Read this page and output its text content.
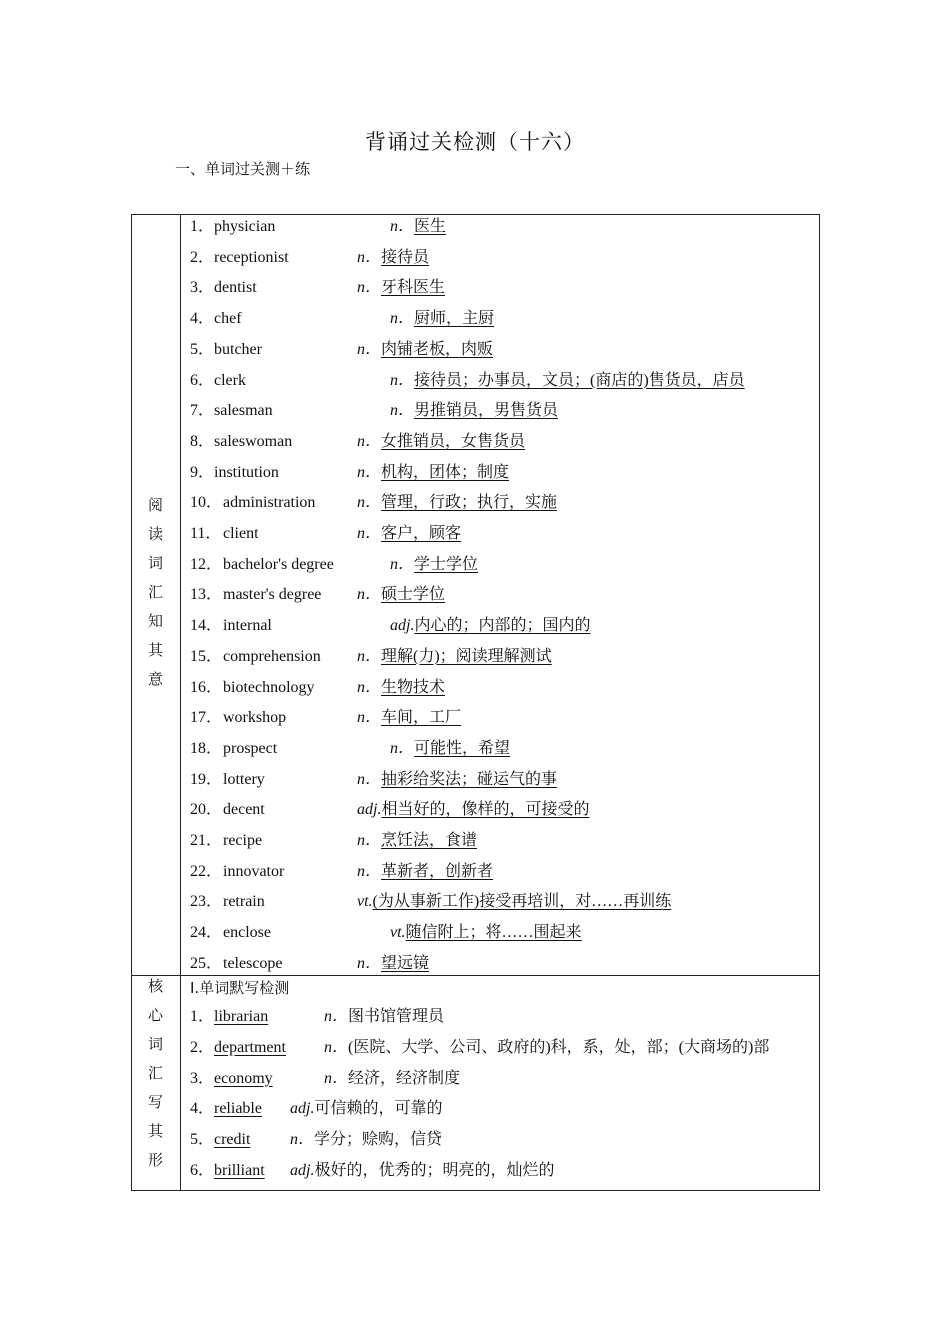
背诵过关检测（十六）
一、单词过关测＋练
阅
读
词
汇
知
其
意
核
心
词
汇
写
其
形
1． physician	n．医生
2． receptionist	n．接待员
3． dentist	n．牙科医生
4． chef	n．厨师，主厨
5． butcher	n．肉铺老板，肉贩
6． clerk	n．接待员；办事员，文员；(商店的)售货员，店员
7． salesman	n．男推销员，男售货员
8． saleswoman	n．女推销员，女售货员
9． institution	n．机构，团体；制度
10． administration	n．管理，行政；执行，实施
11． client	n．客户，顾客
12． bachelor's degree	n．学士学位
13． master's degree n．硕士学位
14． internal	adj.内心的；内部的；国内的
15． comprehension n．理解(力)；阅读理解测试
16． biotechnology	n．生物技术
17． workshop	n．车间，工厂
18． prospect	n．可能性，希望
19． lottery	n．抽彩给奖法；碰运气的事
20． decent	adj.相当好的，像样的，可接受的
21． recipe	n．烹饪法，食谱
22． innovator	n．革新者，创新者
23． retrain	vt.(为从事新工作)接受再培训，对……再训练
24． enclose	vt.随信附上；将……围起来
25． telescope	n．望远镜
Ⅰ.单词默写检测
1． librarian	n．图书馆管理员
2． department n．(医院、大学、公司、政府的)科，系，处，部；(大商场的)部
3． economy	n．经济，经济制度
4． reliable adj.可信赖的，可靠的
5． credit n．学分；赊购，信贷
6． brilliant adj.极好的，优秀的；明亮的，灿烂的
